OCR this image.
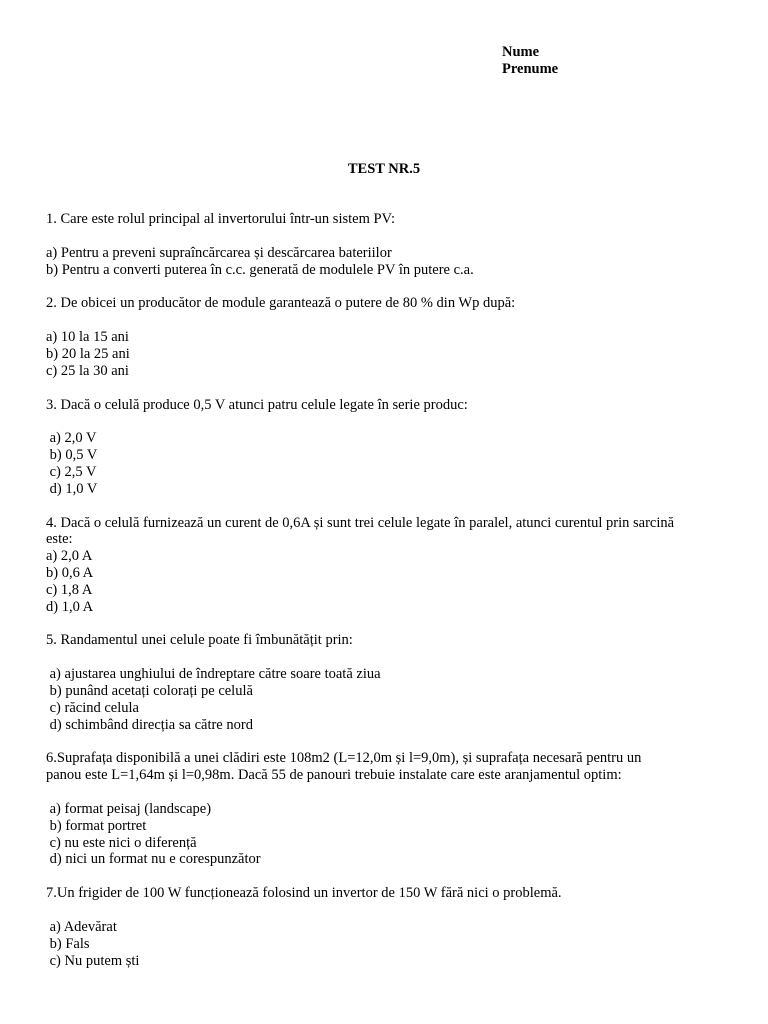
Nume
Prenume
TEST NR.5
1. Care este rolul principal al invertorului într-un sistem PV:
a) Pentru a preveni supraîncărcarea și descărcarea bateriilor
b) Pentru a converti puterea în c.c. generată de modulele PV în putere c.a.
2. De obicei un producător de module garantează o putere de 80 % din Wp după:
a) 10 la 15 ani
b) 20 la 25 ani
c) 25 la 30 ani
3. Dacă o celulă produce 0,5 V atunci patru celule legate în serie produc:
a) 2,0 V
b) 0,5 V
c) 2,5 V
d) 1,0 V
4. Dacă o celulă furnizează un curent de 0,6A și sunt trei celule legate în paralel, atunci curentul prin sarcină
este:
a) 2,0 A
b) 0,6 A
c) 1,8 A
d) 1,0 A
5. Randamentul unei celule poate fi îmbunătățit prin:
a) ajustarea unghiului de îndreptare către soare toată ziua
b) punând acetați colorați pe celulă
c) răcind celula
d) schimbând direcția sa către nord
6.Suprafața disponibilă a unei clădiri este 108m2 (L=12,0m și l=9,0m), și suprafața necesară pentru un
panou este L=1,64m și l=0,98m. Dacă 55 de panouri trebuie instalate care este aranjamentul optim:
a) format peisaj (landscape)
b) format portret
c) nu este nici o diferență
d) nici un format nu e corespunzător
7.Un frigider de 100 W funcționează folosind un invertor de 150 W fără nici o problemă.
a) Adevărat
b) Fals
c) Nu putem ști
